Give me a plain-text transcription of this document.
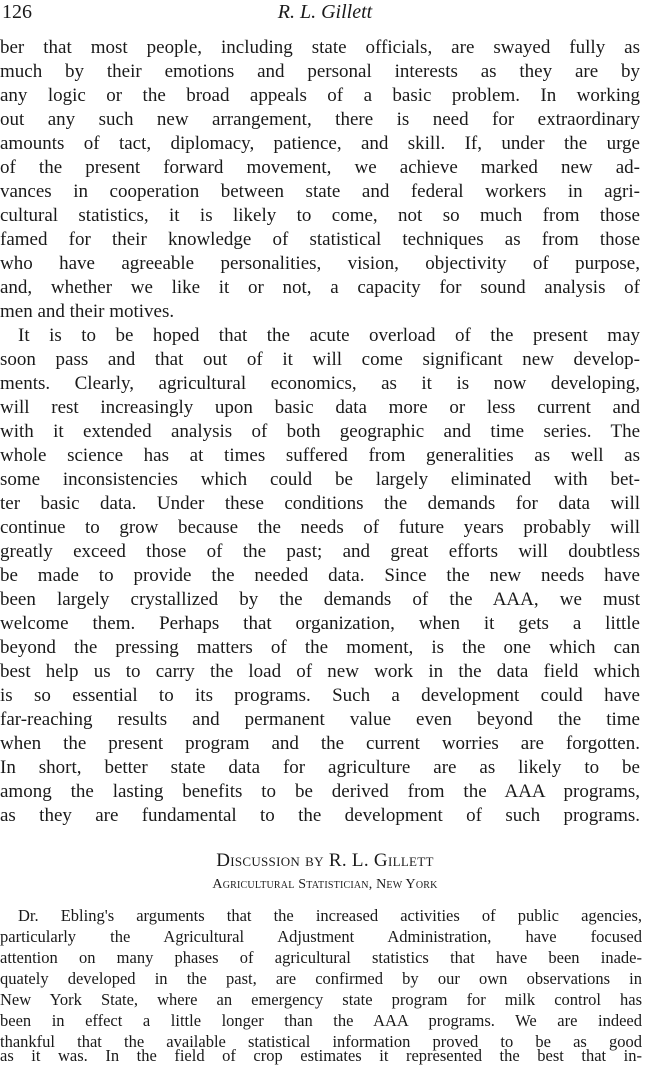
126	R. L. Gillett
ber that most people, including state officials, are swayed fully as
much by their emotions and personal interests as they are by
any logic or the broad appeals of a basic problem. In working
out any such new arrangement, there is need for extraordinary
amounts of tact, diplomacy, patience, and skill. If, under the urge
of the present forward movement, we achieve marked new ad-
vances in cooperation between state and federal workers in agri-
cultural statistics, it is likely to come, not so much from those
famed for their knowledge of statistical techniques as from those
who have agreeable personalities, vision, objectivity of purpose,
and, whether we like it or not, a capacity for sound analysis of
men and their motives.
It is to be hoped that the acute overload of the present may
soon pass and that out of it will come significant new develop-
ments. Clearly, agricultural economics, as it is now developing,
will rest increasingly upon basic data more or less current and
with it extended analysis of both geographic and time series. The
whole science has at times suffered from generalities as well as
some inconsistencies which could be largely eliminated with bet-
ter basic data. Under these conditions the demands for data will
continue to grow because the needs of future years probably will
greatly exceed those of the past; and great efforts will doubtless
be made to provide the needed data. Since the new needs have
been largely crystallized by the demands of the AAA, we must
welcome them. Perhaps that organization, when it gets a little
beyond the pressing matters of the moment, is the one which can
best help us to carry the load of new work in the data field which
is so essential to its programs. Such a development could have
far-reaching results and permanent value even beyond the time
when the present program and the current worries are forgotten.
In short, better state data for agriculture are as likely to be
among the lasting benefits to be derived from the AAA programs,
as they are fundamental to the development of such programs.
Discussion by R. L. Gillett
Agricultural Statistician, New York
Dr. Ebling's arguments that the increased activities of public agencies,
particularly the Agricultural Adjustment Administration, have focused
attention on many phases of agricultural statistics that have been inade-
quately developed in the past, are confirmed by our own observations in
New York State, where an emergency state program for milk control has
been in effect a little longer than the AAA programs. We are indeed
thankful that the available statistical information proved to be as good
as it was. In the field of crop estimates it represented the best that in-
